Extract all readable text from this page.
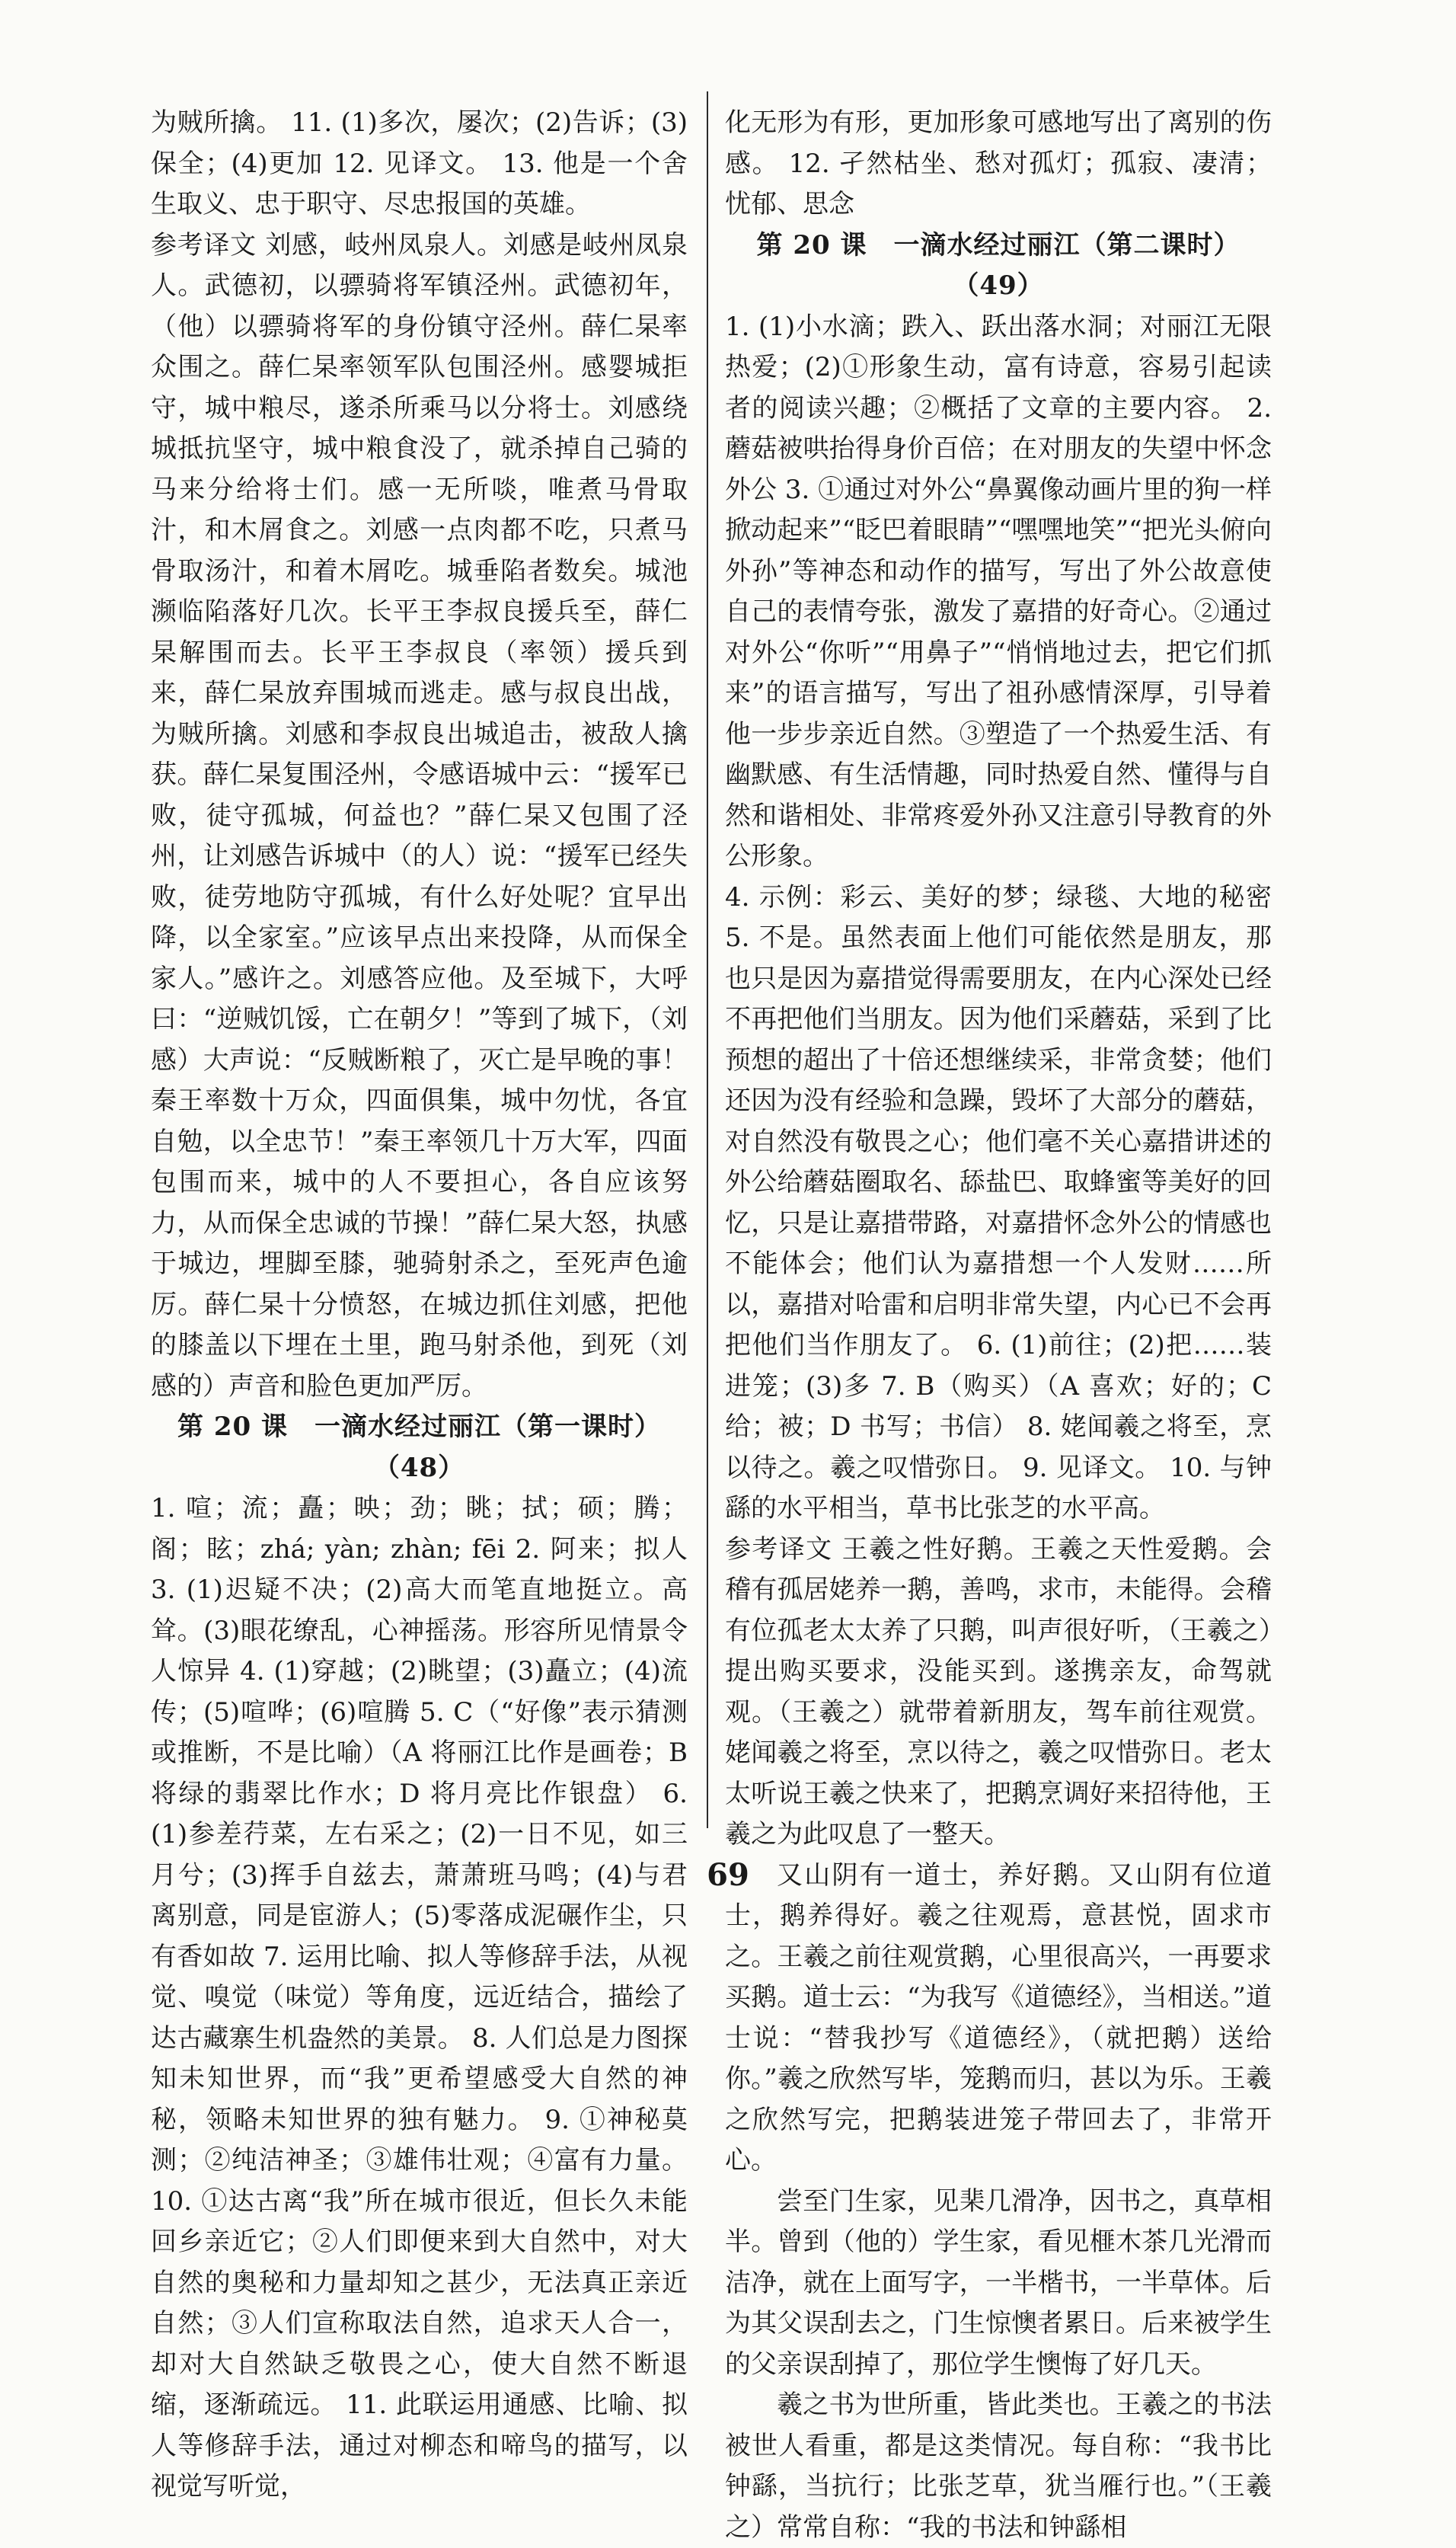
为贼所擒。 11. (1)多次，屡次；(2)告诉；(3)保全；(4)更加 12. 见译文。 13. 他是一个舍生取义、忠于职守、尽忠报国的英雄。

参考译文 刘感，岐州凤泉人。刘感是岐州凤泉人。武德初，以骠骑将军镇泾州。武德初年，（他）以骠骑将军的身份镇守泾州。薛仁杲率众围之。薛仁杲率领军队包围泾州。感婴城拒守，城中粮尽，遂杀所乘马以分将士。刘感绕城抵抗坚守，城中粮食没了，就杀掉自己骑的马来分给将士们。感一无所啖，唯煮马骨取汁，和木屑食之。刘感一点肉都不吃，只煮马骨取汤汁，和着木屑吃。城垂陷者数矣。城池濒临陷落好几次。长平王李叔良援兵至，薛仁杲解围而去。长平王李叔良（率领）援兵到来，薛仁杲放弃围城而逃走。感与叔良出战，为贼所擒。刘感和李叔良出城追击，被敌人擒获。薛仁杲复围泾州，令感语城中云：“援军已败，徒守孤城，何益也？”薛仁杲又包围了泾州，让刘感告诉城中（的人）说：“援军已经失败，徒劳地防守孤城，有什么好处呢？宜早出降，以全家室。”应该早点出来投降，从而保全家人。”感许之。刘感答应他。及至城下，大呼曰：“逆贼饥馁，亡在朝夕！”等到了城下，（刘感）大声说：“反贼断粮了，灭亡是早晚的事！秦王率数十万众，四面俱集，城中勿忧，各宜自勉，以全忠节！”秦王率领几十万大军，四面包围而来，城中的人不要担心，各自应该努力，从而保全忠诚的节操！”薛仁杲大怒，执感于城边，埋脚至膝，驰骑射杀之，至死声色逾厉。薛仁杲十分愤怒，在城边抓住刘感，把他的膝盖以下埋在土里，跑马射杀他，到死（刘感的）声音和脸色更加严厉。

第 20 课　一滴水经过丽江（第一课时）（48）

1. 喧；流；矗；映；劲；眺；拭；硕；腾；阁；眩；zhá; yàn; zhàn; fēi 2. 阿来；拟人 3. (1)迟疑不决；(2)高大而笔直地挺立。高耸。(3)眼花缭乱，心神摇荡。形容所见情景令人惊异 4. (1)穿越；(2)眺望；(3)矗立；(4)流传；(5)喧哗；(6)喧腾 5. C（“好像”表示猜测或推断，不是比喻）（A 将丽江比作是画卷；B 将绿的翡翠比作水；D 将月亮比作银盘） 6. (1)参差荇菜，左右采之；(2)一日不见，如三月兮；(3)挥手自兹去，萧萧班马鸣；(4)与君离别意，同是宦游人；(5)零落成泥碾作尘，只有香如故 7. 运用比喻、拟人等修辞手法，从视觉、嗅觉（味觉）等角度，远近结合，描绘了达古藏寨生机盎然的美景。 8. 人们总是力图探知未知世界，而“我”更希望感受大自然的神秘，领略未知世界的独有魅力。 9. ①神秘莫测；②纯洁神圣；③雄伟壮观；④富有力量。 10. ①达古离“我”所在城市很近，但长久未能回乡亲近它；②人们即便来到大自然中，对大自然的奥秘和力量却知之甚少，无法真正亲近自然；③人们宣称取法自然，追求天人合一，却对大自然缺乏敬畏之心，使大自然不断退缩，逐渐疏远。 11. 此联运用通感、比喻、拟人等修辞手法，通过对柳态和啼鸟的描写，以视觉写听觉，

化无形为有形，更加形象可感地写出了离别的伤感。 12. 孑然枯坐、愁对孤灯；孤寂、凄清；忧郁、思念

第 20 课　一滴水经过丽江（第二课时）（49）

1. (1)小水滴；跌入、跃出落水洞；对丽江无限热爱；(2)①形象生动，富有诗意，容易引起读者的阅读兴趣；②概括了文章的主要内容。 2. 蘑菇被哄抬得身价百倍；在对朋友的失望中怀念外公 3. ①通过对外公“鼻翼像动画片里的狗一样掀动起来”“眨巴着眼睛”“嘿嘿地笑”“把光头俯向外孙”等神态和动作的描写，写出了外公故意使自己的表情夸张，激发了嘉措的好奇心。②通过对外公“你听”“用鼻子”“悄悄地过去，把它们抓来”的语言描写，写出了祖孙感情深厚，引导着他一步步亲近自然。③塑造了一个热爱生活、有幽默感、有生活情趣，同时热爱自然、懂得与自然和谐相处、非常疼爱外孙又注意引导教育的外公形象。

4. 示例：彩云、美好的梦；绿毯、大地的秘密 5. 不是。虽然表面上他们可能依然是朋友，那也只是因为嘉措觉得需要朋友，在内心深处已经不再把他们当朋友。因为他们采蘑菇，采到了比预想的超出了十倍还想继续采，非常贪婪；他们还因为没有经验和急躁，毁坏了大部分的蘑菇，对自然没有敬畏之心；他们毫不关心嘉措讲述的外公给蘑菇圈取名、舔盐巴、取蜂蜜等美好的回忆，只是让嘉措带路，对嘉措怀念外公的情感也不能体会；他们认为嘉措想一个人发财……所以，嘉措对哈雷和启明非常失望，内心已不会再把他们当作朋友了。 6. (1)前往；(2)把……装进笼；(3)多 7. B（购买）（A 喜欢；好的；C 给；被；D 书写；书信） 8. 姥闻羲之将至，烹以待之。羲之叹惜弥日。 9. 见译文。 10. 与钟繇的水平相当，草书比张芝的水平高。

参考译文 王羲之性好鹅。王羲之天性爱鹅。会稽有孤居姥养一鹅，善鸣，求市，未能得。会稽有位孤老太太养了只鹅，叫声很好听，（王羲之）提出购买要求，没能买到。遂携亲友，命驾就观。（王羲之）就带着新朋友，驾车前往观赏。姥闻羲之将至，烹以待之，羲之叹惜弥日。老太太听说王羲之快来了，把鹅烹调好来招待他，王羲之为此叹息了一整天。

又山阴有一道士，养好鹅。又山阴有位道士，鹅养得好。羲之往观焉，意甚悦，固求市之。王羲之前往观赏鹅，心里很高兴，一再要求买鹅。道士云：“为我写《道德经》，当相送。”道士说：“替我抄写《道德经》，（就把鹅）送给你。”羲之欣然写毕，笼鹅而归，甚以为乐。王羲之欣然写完，把鹅装进笼子带回去了，非常开心。

尝至门生家，见棐几滑净，因书之，真草相半。曾到（他的）学生家，看见榧木茶几光滑而洁净，就在上面写字，一半楷书，一半草体。后为其父误刮去之，门生惊懊者累日。后来被学生的父亲误刮掉了，那位学生懊悔了好几天。

羲之书为世所重，皆此类也。王羲之的书法被世人看重，都是这类情况。每自称：“我书比钟繇，当抗行；比张芝草，犹当雁行也。”（王羲之）常常自称：“我的书法和钟繇相

69
